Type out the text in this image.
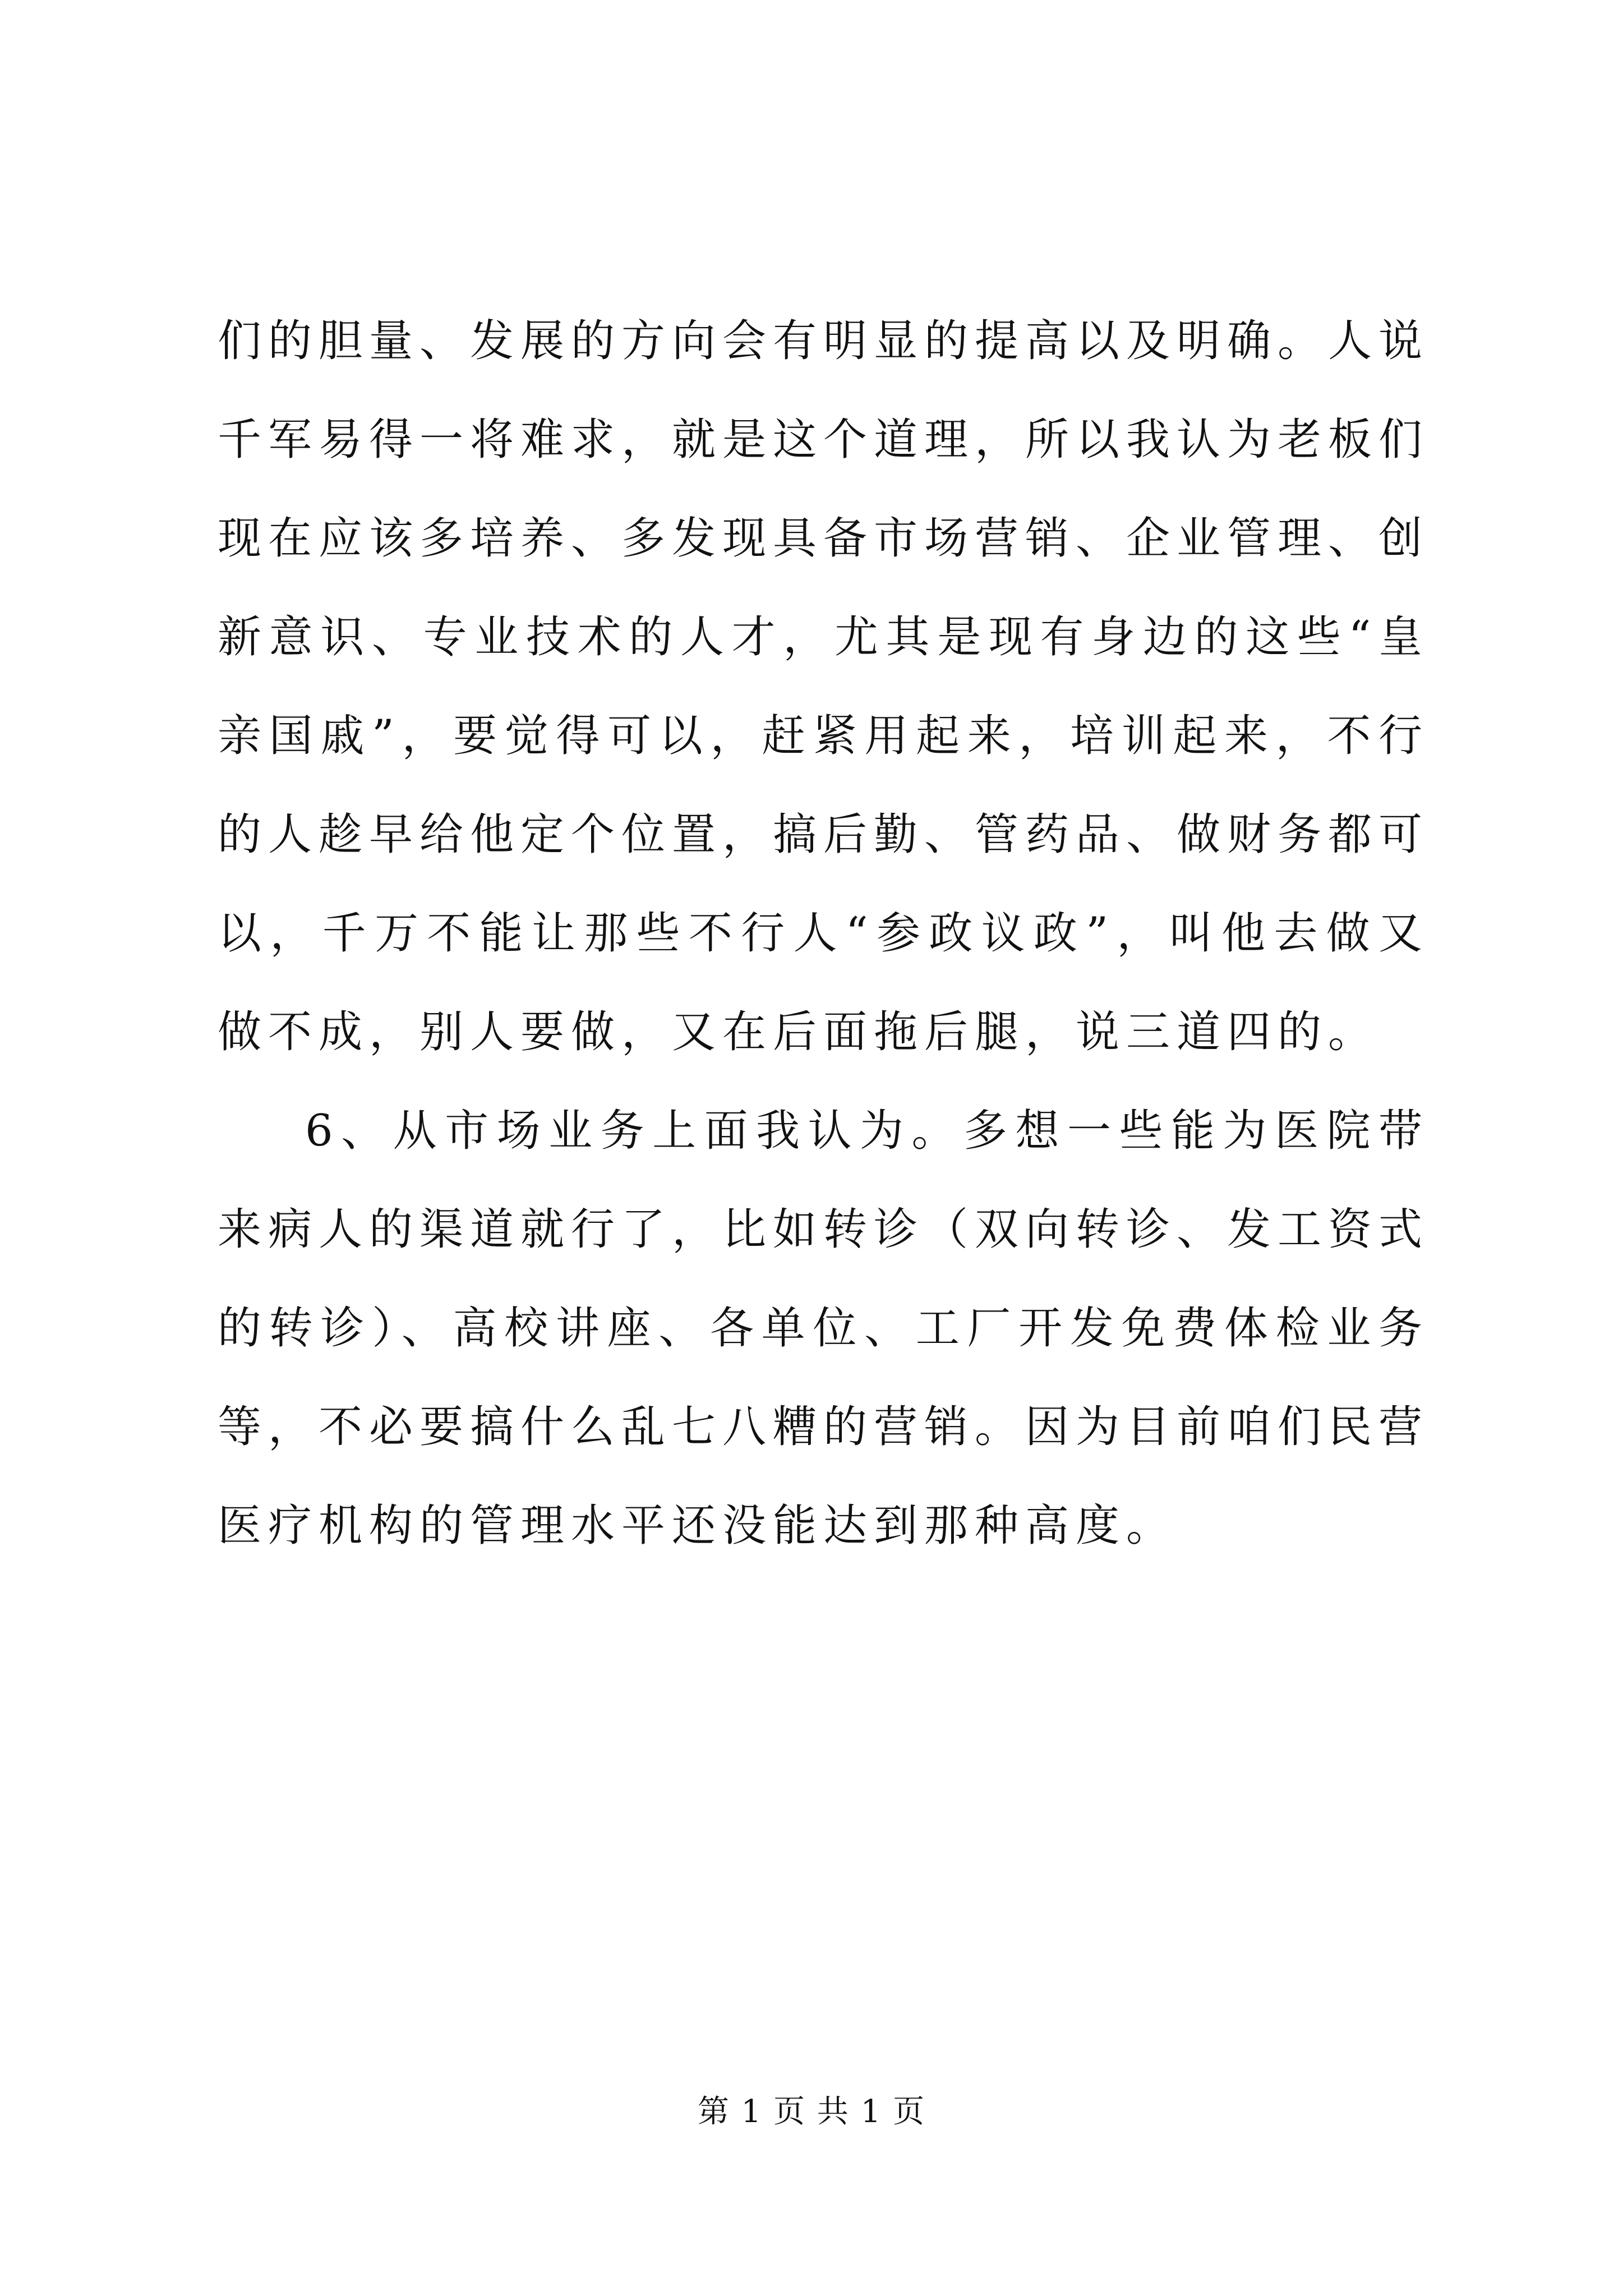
们的胆量、发展的方向会有明显的提高以及明确。人说千军易得一将难求，就是这个道理，所以我认为老板们现在应该多培养、多发现具备市场营销、企业管理、创新意识、专业技术的人才，尤其是现有身边的这些“皇亲国戚”，要觉得可以，赶紧用起来，培训起来，不行的人趁早给他定个位置，搞后勤、管药品、做财务都可以，千万不能让那些不行人“参政议政”，叫他去做又做不成，别人要做，又在后面拖后腿，说三道四的。

6、从市场业务上面我认为。多想一些能为医院带来病人的渠道就行了，比如转诊（双向转诊、发工资式的转诊）、高校讲座、各单位、工厂开发免费体检业务等，不必要搞什么乱七八糟的营销。因为目前咱们民营医疗机构的管理水平还没能达到那种高度。

第 1 页 共 1 页
